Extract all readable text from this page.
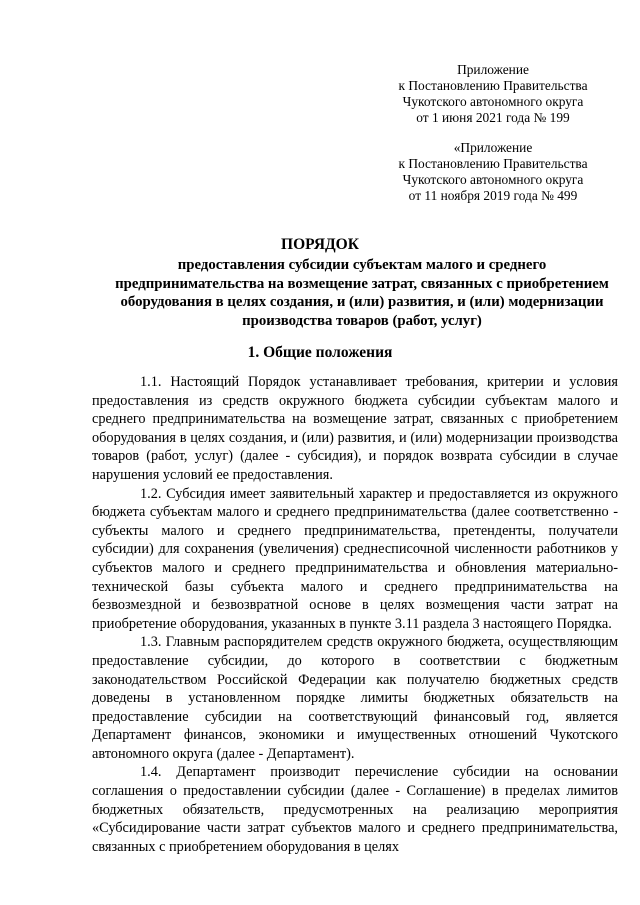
Приложение
к Постановлению Правительства
Чукотского автономного округа
от 1 июня 2021 года № 199
«Приложение
к Постановлению Правительства
Чукотского автономного округа
от 11 ноября 2019 года № 499
ПОРЯДОК
предоставления субсидии субъектам малого и среднего
предпринимательства на возмещение затрат, связанных с приобретением
оборудования в целях создания, и (или) развития, и (или) модернизации
производства товаров (работ, услуг)
1. Общие положения

1.1. Настоящий Порядок устанавливает требования, критерии и условия предоставления из средств окружного бюджета субсидии субъектам малого и среднего предпринимательства на возмещение затрат, связанных с приобретением оборудования в целях создания, и (или) развития, и (или) модернизации производства товаров (работ, услуг) (далее - субсидия), и порядок возврата субсидии в случае нарушения условий ее предоставления.

1.2. Субсидия имеет заявительный характер и предоставляется из окружного бюджета субъектам малого и среднего предпринимательства (далее соответственно - субъекты малого и среднего предпринимательства, претенденты, получатели субсидии) для сохранения (увеличения) среднесписочной численности работников у субъектов малого и среднего предпринимательства и обновления материально-технической базы субъекта малого и среднего предпринимательства на безвозмездной и безвозвратной основе в целях возмещения части затрат на приобретение оборудования, указанных в пункте 3.11 раздела 3 настоящего Порядка.

1.3. Главным распорядителем средств окружного бюджета, осуществляющим предоставление субсидии, до которого в соответствии с бюджетным законодательством Российской Федерации как получателю бюджетных средств доведены в установленном порядке лимиты бюджетных обязательств на предоставление субсидии на соответствующий финансовый год, является Департамент финансов, экономики и имущественных отношений Чукотского автономного округа (далее - Департамент).

1.4. Департамент производит перечисление субсидии на основании соглашения о предоставлении субсидии (далее - Соглашение) в пределах лимитов бюджетных обязательств, предусмотренных на реализацию мероприятия «Субсидирование части затрат субъектов малого и среднего предпринимательства, связанных с приобретением оборудования в целях
